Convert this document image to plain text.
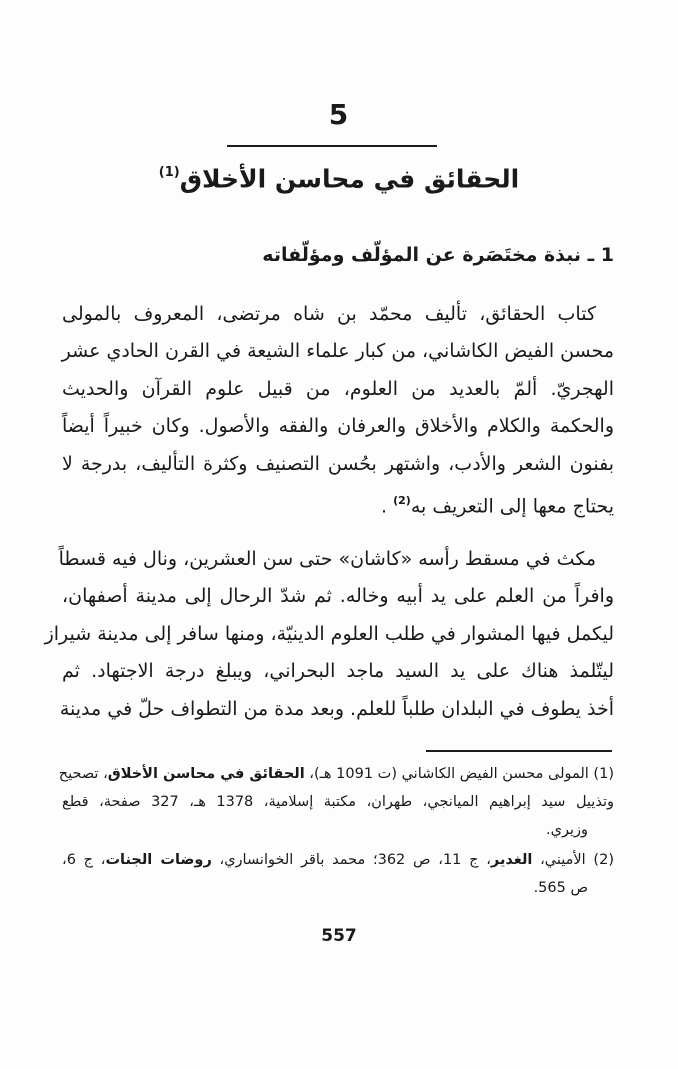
5
الحقائق في محاسن الأخلاق$^{(1)}$
1 ـ نبذة مختَصَرة عن المؤلّف ومؤلّفاته
كتاب الحقائق، تأليف محمّد بن شاه مرتضى، المعروف بالمولى
محسن الفيض الكاشاني، من كبار علماء الشيعة في القرن الحادي عشر
الهجريّ. ألمّ بالعديد من العلوم، من قبيل علوم القرآن والحديث
والحكمة والكلام والأخلاق والعرفان والفقه والأصول. وكان خبيراً أيضاً
بفنون الشعر والأدب، واشتهر بحُسن التصنيف وكثرة التأليف، بدرجة لا
يحتاج معها إلى التعريف به$^{(2)}$ .
مكث في مسقط رأسه «كاشان» حتى سن العشرين، ونال فيه قسطاً
وافراً من العلم على يد أبيه وخاله. ثم شدّ الرحال إلى مدينة أصفهان،
ليكمل فيها المشوار في طلب العلوم الدينيّة، ومنها سافر إلى مدينة شيراز
ليتّلمذ هناك على يد السيد ماجد البحراني، ويبلغ درجة الاجتهاد. ثم
أخذ يطوف في البلدان طلباً للعلم. وبعد مدة من التطواف حلّ في مدينة
(1) المولى محسن الفيض الكاشاني (ت 1091 هـ)، الحقائق في محاسن الأخلاق، تصحيح
وتذييل سيد إبراهيم الميانجي، طهران، مكتبة إسلامية، 1378 هـ، 327 صفحة، قطع
وزيري.
(2) الأميني، الغدير، ج 11، ص 362؛ محمد باقر الخوانساري، روضات الجنات، ج 6،
ص 565.
557
